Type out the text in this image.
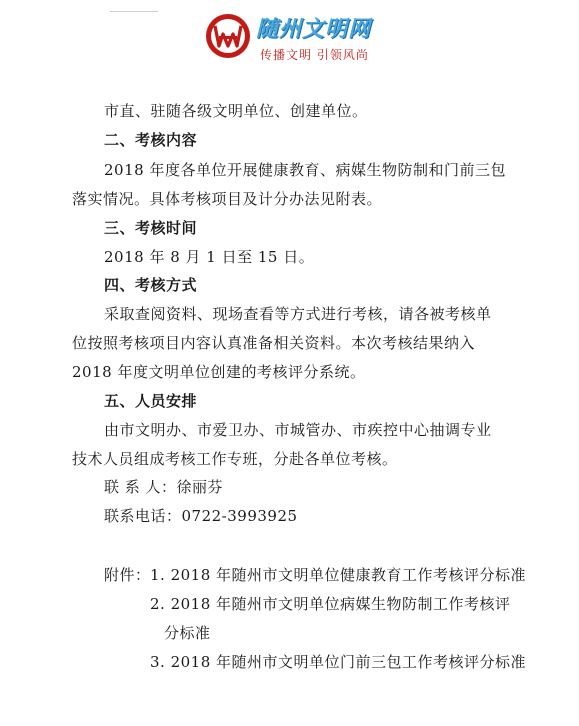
随州文明网
传播文明 引领风尚
市直、驻随各级文明单位、创建单位。
二、考核内容
2018 年度各单位开展健康教育、病媒生物防制和门前三包
落实情况。具体考核项目及计分办法见附表。
三、考核时间
2018 年 8 月 1 日至 15 日。
四、考核方式
采取查阅资料、现场查看等方式进行考核，请各被考核单
位按照考核项目内容认真准备相关资料。本次考核结果纳入
2018 年度文明单位创建的考核评分系统。
五、人员安排
由市文明办、市爱卫办、市城管办、市疾控中心抽调专业
技术人员组成考核工作专班，分赴各单位考核。
联 系 人：徐丽芬
联系电话：0722-3993925
附件： 1. 2018 年随州市文明单位健康教育工作考核评分标准
2. 2018 年随州市文明单位病媒生物防制工作考核评
分标准
3. 2018 年随州市文明单位门前三包工作考核评分标准
